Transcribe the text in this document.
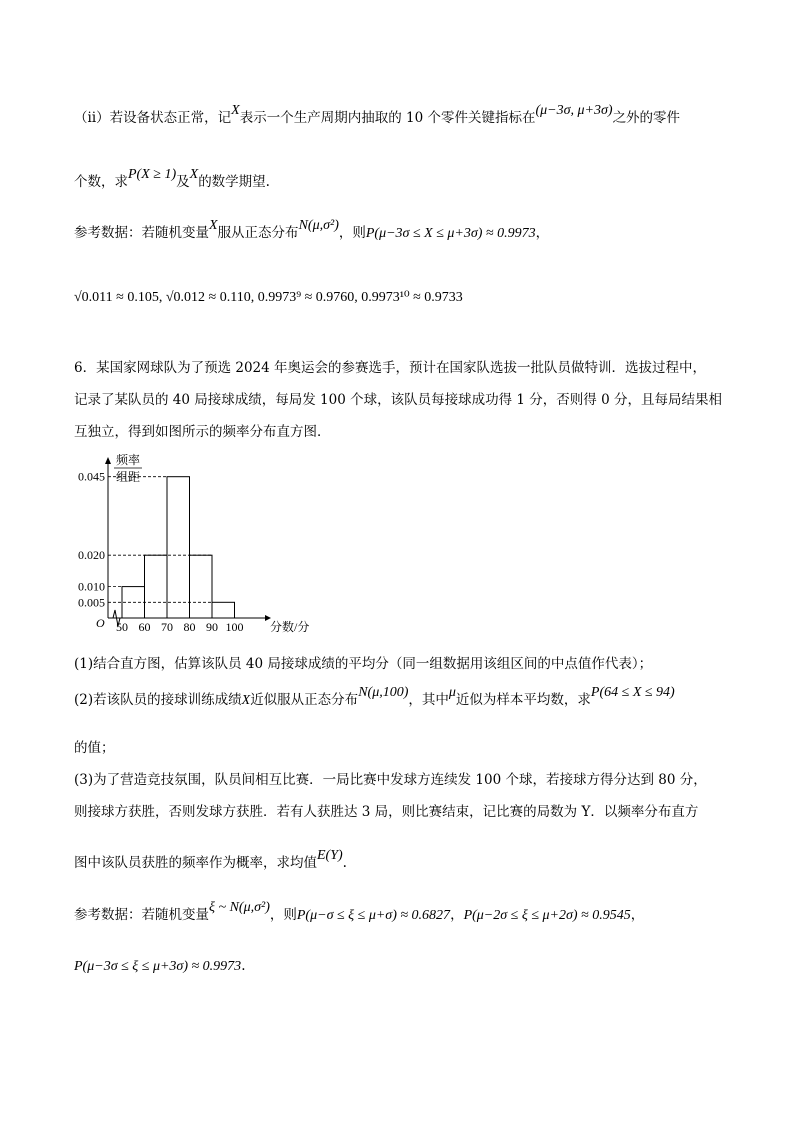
（ⅱ）若设备状态正常，记X表示一个生产周期内抽取的 10 个零件关键指标在(μ−3σ, μ+3σ)之外的零件
个数，求P(X ≥ 1)及X的数学期望.
参考数据：若随机变量X服从正态分布N(μ,σ²)，则P(μ−3σ ≤ X ≤ μ+3σ) ≈ 0.9973，
√0.011 ≈ 0.105, √0.012 ≈ 0.110, 0.9973⁹ ≈ 0.9760, 0.9973¹⁰ ≈ 0.9733
6．某国家网球队为了预选 2024 年奥运会的参赛选手，预计在国家队选拔一批队员做特训．选拔过程中，
记录了某队员的 40 局接球成绩，每局发 100 个球，该队员每接球成功得 1 分，否则得 0 分，且每局结果相
互独立，得到如图所示的频率分布直方图．
0.045
0.020
0.010
0.005
50 60 70 80 90 100
O	分数/分
频率
组距
(1)结合直方图，估算该队员 40 局接球成绩的平均分（同一组数据用该组区间的中点值作代表）；
(2)若该队员的接球训练成绩X近似服从正态分布N(μ,100)，其中μ近似为样本平均数，求P(64 ≤ X ≤ 94)
的值；
(3)为了营造竞技氛围，队员间相互比赛．一局比赛中发球方连续发 100 个球，若接球方得分达到 80 分，
则接球方获胜，否则发球方获胜．若有人获胜达 3 局，则比赛结束，记比赛的局数为 Y．以频率分布直方
图中该队员获胜的频率作为概率，求均值E(Y).
参考数据：若随机变量ξ ~ N(μ,σ²)，则P(μ−σ ≤ ξ ≤ μ+σ) ≈ 0.6827，P(μ−2σ ≤ ξ ≤ μ+2σ) ≈ 0.9545，
P(μ−3σ ≤ ξ ≤ μ+3σ) ≈ 0.9973.
